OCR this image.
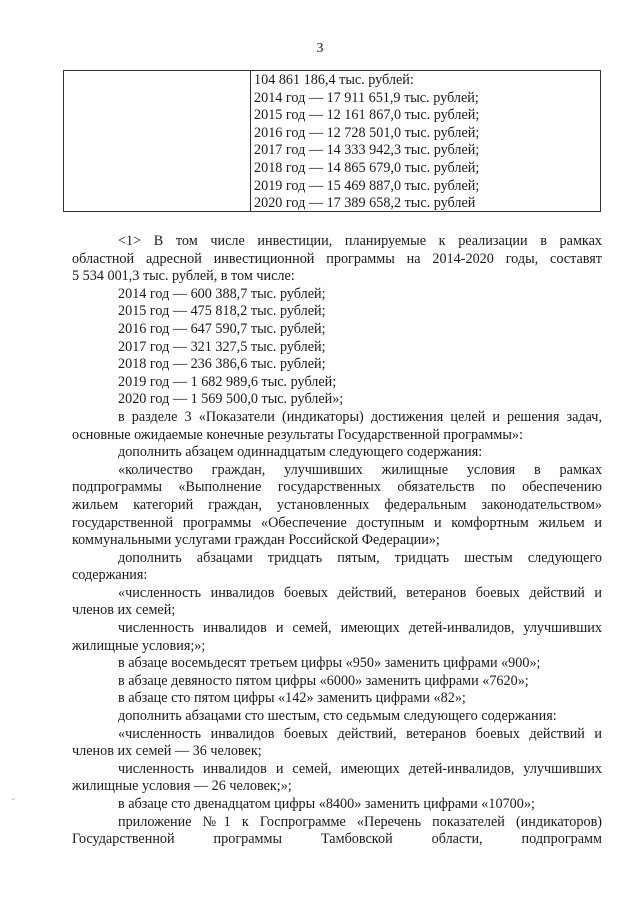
3
104 861 186,4 тыс. рублей:
2014 год — 17 911 651,9 тыс. рублей;
2015 год — 12 161 867,0 тыс. рублей;
2016 год — 12 728 501,0 тыс. рублей;
2017 год — 14 333 942,3 тыс. рублей;
2018 год — 14 865 679,0 тыс. рублей;
2019 год — 15 469 887,0 тыс. рублей;
2020 год — 17 389 658,2 тыс. рублей
<1> В том числе инвестиции, планируемые к реализации в рамках
областной адресной инвестиционной программы на 2014-2020 годы, составят
5 534 001,3 тыс. рублей, в том числе:
2014 год — 600 388,7 тыс. рублей;
2015 год — 475 818,2 тыс. рублей;
2016 год — 647 590,7 тыс. рублей;
2017 год — 321 327,5 тыс. рублей;
2018 год — 236 386,6 тыс. рублей;
2019 год — 1 682 989,6 тыс. рублей;
2020 год — 1 569 500,0 тыс. рублей»;
в разделе 3 «Показатели (индикаторы) достижения целей и решения задач,
основные ожидаемые конечные результаты Государственной программы»:
дополнить абзацем одиннадцатым следующего содержания:
«количество граждан, улучшивших жилищные условия в рамках
подпрограммы «Выполнение государственных обязательств по обеспечению
жильем категорий граждан, установленных федеральным законодательством»
государственной программы «Обеспечение доступным и комфортным жильем и
коммунальными услугами граждан Российской Федерации»;
дополнить абзацами тридцать пятым, тридцать шестым следующего
содержания:
«численность инвалидов боевых действий, ветеранов боевых действий и
членов их семей;
численность инвалидов и семей, имеющих детей-инвалидов, улучшивших
жилищные условия;»;
в абзаце восемьдесят третьем цифры «950» заменить цифрами «900»;
в абзаце девяносто пятом цифры «6000» заменить цифрами «7620»;
в абзаце сто пятом цифры «142» заменить цифрами «82»;
дополнить абзацами сто шестым, сто седьмым следующего содержания:
«численность инвалидов боевых действий, ветеранов боевых действий и
членов их семей — 36 человек;
численность инвалидов и семей, имеющих детей-инвалидов, улучшивших
жилищные условия — 26 человек;»;
в абзаце сто двенадцатом цифры «8400» заменить цифрами «10700»;
приложение №1 к Госпрограмме «Перечень показателей (индикаторов)
Государственной программы Тамбовской области, подпрограмм
˶
